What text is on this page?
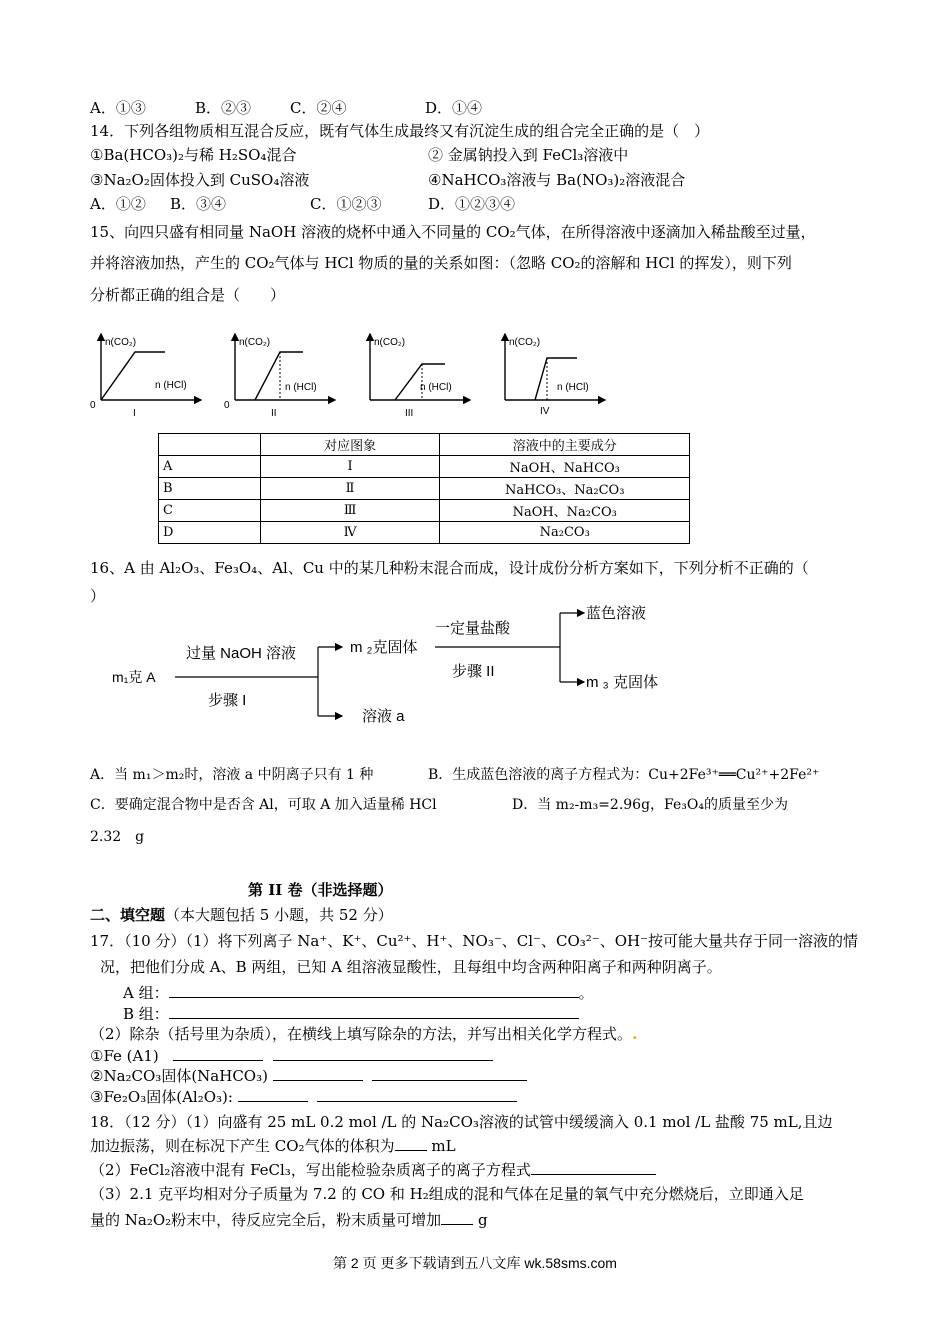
A．①③	B．②③	C．②④	D．①④
14．下列各组物质相互混合反应，既有气体生成最终又有沉淀生成的组合完全正确的是（　）
①Ba(HCO₃)₂与稀 H₂SO₄混合	② 金属钠投入到 FeCl₃溶液中
③Na₂O₂固体投入到 CuSO₄溶液	④NaHCO₃溶液与 Ba(NO₃)₂溶液混合
A．①② B．③④	C．①②③	D．①②③④
15、向四只盛有相同量 NaOH 溶液的烧杯中通入不同量的 CO₂气体，在所得溶液中逐滴加入稀盐酸至过量，
并将溶液加热，产生的 CO₂气体与 HCl 物质的量的关系如图：（忽略 CO₂的溶解和 HCl 的挥发），则下列
分析都正确的组合是（　　）
n(CO₂)
n (HCl)
0
I
n(CO₂)
n (HCl)
0
II
n(CO₂)
n (HCl)
III
n(CO₂)
n (HCl)
IV
	对应图象	溶液中的主要成分
A	Ⅰ	NaOH、NaHCO₃
B	Ⅱ	NaHCO₃、Na₂CO₃
C	Ⅲ	NaOH、Na₂CO₃
D	Ⅳ	Na₂CO₃
16、A 由 Al₂O₃、Fe₃O₄、Al、Cu 中的某几种粉末混合而成，设计成份分析方案如下，下列分析不正确的（
）
m₁克 A
过量 NaOH 溶液
步骤 I
m ₂克固体
溶液 a
一定量盐酸
步骤 II
蓝色溶液
m ₃ 克固体
A．当 m₁＞m₂时，溶液 a 中阴离子只有 1 种	B．生成蓝色溶液的离子方程式为：Cu+2Fe³⁺══Cu²⁺+2Fe²⁺
C．要确定混合物中是否含 Al，可取 A 加入适量稀 HCl	D．当 m₂-m₃=2.96g，Fe₃O₄的质量至少为
2.32　g
第 II 卷（非选择题）
二、填空题（本大题包括 5 小题，共 52 分）
17．（10 分）（1）将下列离子 Na⁺、K⁺、Cu²⁺、H⁺、NO₃⁻、Cl⁻、CO₃²⁻、OH⁻按可能大量共存于同一溶液的情
况，把他们分成 A、B 两组，已知 A 组溶液显酸性，且每组中均含两种阳离子和两种阴离子。
A 组：	。
B 组：
（2）除杂（括号里为杂质），在横线上填写除杂的方法，并写出相关化学方程式。.
①Fe (A1)
②Na₂CO₃固体(NaHCO₃)
③Fe₂O₃固体(Al₂O₃):
18．（12 分）（1）向盛有 25 mL 0.2 mol /L 的 Na₂CO₃溶液的试管中缓缓滴入 0.1 mol /L 盐酸 75 mL,且边
加边振荡，则在标况下产生 CO₂气体的体积为 mL
（2）FeCl₂溶液中混有 FeCl₃，写出能检验杂质离子的离子方程式
（3）2.1 克平均相对分子质量为 7.2 的 CO 和 H₂组成的混和气体在足量的氧气中充分燃烧后，立即通入足
量的 Na₂O₂粉末中，待反应完全后，粉末质量可增加 g
第 2 页 更多下载请到五八文库 wk.58sms.com
